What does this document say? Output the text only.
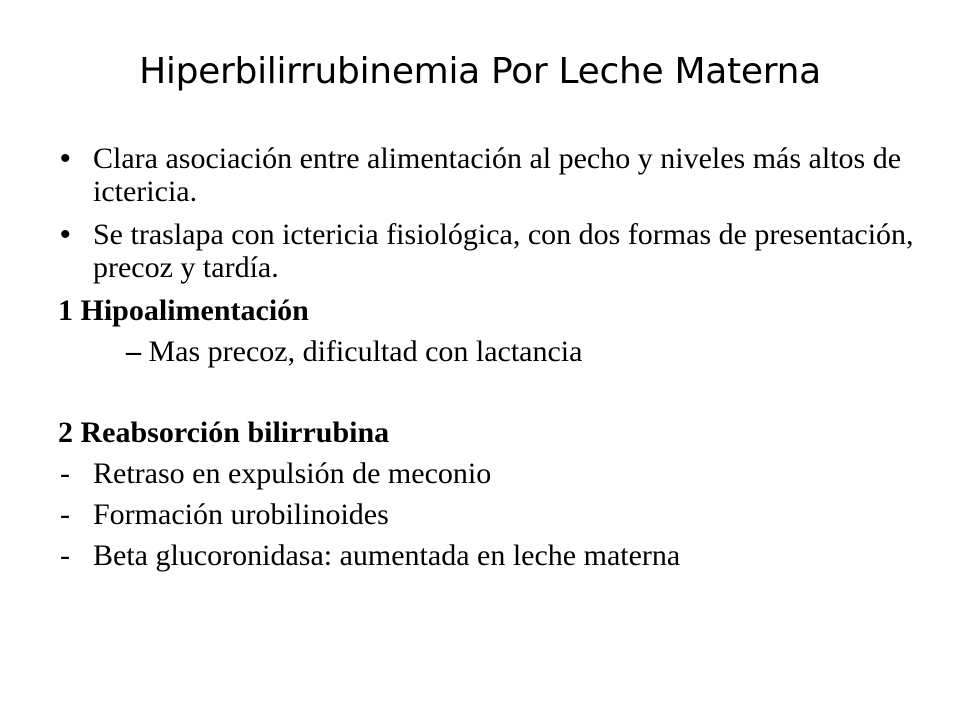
Hiperbilirrubinemia Por Leche Materna
• Clara asociación entre alimentación al pecho y niveles más altos de ictericia.
• Se traslapa con ictericia fisiológica, con dos formas de presentación, precoz y tardía.
1 Hipoalimentación
– Mas precoz, dificultad con lactancia
2 Reabsorción bilirrubina
- Retraso en expulsión de meconio
- Formación urobilinoides
- Beta glucoronidasa: aumentada en leche materna
